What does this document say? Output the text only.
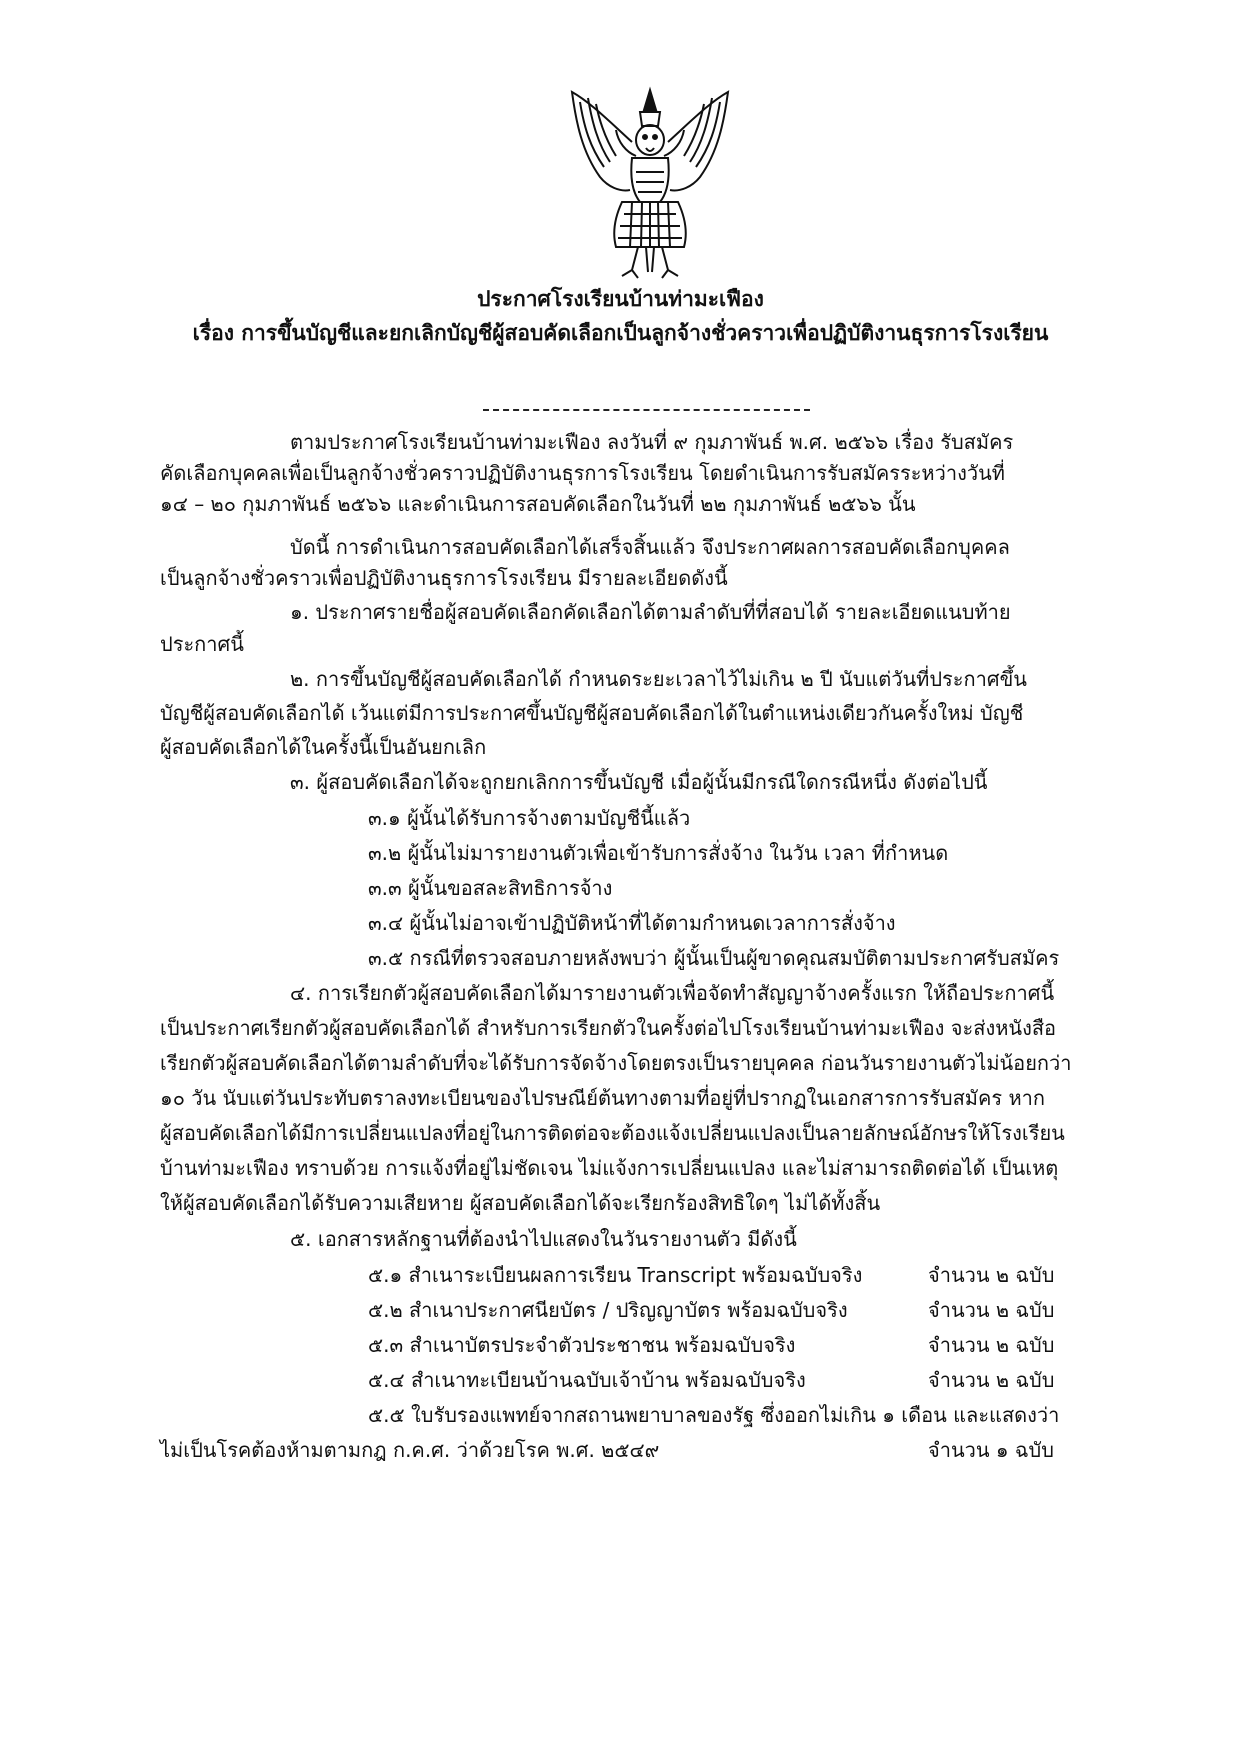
ประกาศโรงเรียนบ้านท่ามะเฟือง
เรื่อง การขึ้นบัญชีและยกเลิกบัญชีผู้สอบคัดเลือกเป็นลูกจ้างชั่วคราวเพื่อปฏิบัติงานธุรการโรงเรียน
ตามประกาศโรงเรียนบ้านท่ามะเฟือง ลงวันที่ ๙ กุมภาพันธ์ พ.ศ. ๒๕๖๖ เรื่อง รับสมัคร
คัดเลือกบุคคลเพื่อเป็นลูกจ้างชั่วคราวปฏิบัติงานธุรการโรงเรียน โดยดำเนินการรับสมัครระหว่างวันที่
๑๔ – ๒๐ กุมภาพันธ์ ๒๕๖๖ และดำเนินการสอบคัดเลือกในวันที่ ๒๒ กุมภาพันธ์ ๒๕๖๖ นั้น
บัดนี้ การดำเนินการสอบคัดเลือกได้เสร็จสิ้นแล้ว จึงประกาศผลการสอบคัดเลือกบุคคล
เป็นลูกจ้างชั่วคราวเพื่อปฏิบัติงานธุรการโรงเรียน มีรายละเอียดดังนี้
๑. ประกาศรายชื่อผู้สอบคัดเลือกคัดเลือกได้ตามลำดับที่ที่สอบได้ รายละเอียดแนบท้าย
ประกาศนี้
๒. การขึ้นบัญชีผู้สอบคัดเลือกได้ กำหนดระยะเวลาไว้ไม่เกิน ๒ ปี นับแต่วันที่ประกาศขึ้น
บัญชีผู้สอบคัดเลือกได้ เว้นแต่มีการประกาศขึ้นบัญชีผู้สอบคัดเลือกได้ในตำแหน่งเดียวกันครั้งใหม่ บัญชี
ผู้สอบคัดเลือกได้ในครั้งนี้เป็นอันยกเลิก
๓. ผู้สอบคัดเลือกได้จะถูกยกเลิกการขึ้นบัญชี เมื่อผู้นั้นมีกรณีใดกรณีหนึ่ง ดังต่อไปนี้
๓.๑ ผู้นั้นได้รับการจ้างตามบัญชีนี้แล้ว
๓.๒ ผู้นั้นไม่มารายงานตัวเพื่อเข้ารับการสั่งจ้าง ในวัน เวลา ที่กำหนด
๓.๓ ผู้นั้นขอสละสิทธิการจ้าง
๓.๔ ผู้นั้นไม่อาจเข้าปฏิบัติหน้าที่ได้ตามกำหนดเวลาการสั่งจ้าง
๓.๕ กรณีที่ตรวจสอบภายหลังพบว่า ผู้นั้นเป็นผู้ขาดคุณสมบัติตามประกาศรับสมัคร
๔. การเรียกตัวผู้สอบคัดเลือกได้มารายงานตัวเพื่อจัดทำสัญญาจ้างครั้งแรก ให้ถือประกาศนี้
เป็นประกาศเรียกตัวผู้สอบคัดเลือกได้ สำหรับการเรียกตัวในครั้งต่อไปโรงเรียนบ้านท่ามะเฟือง จะส่งหนังสือ
เรียกตัวผู้สอบคัดเลือกได้ตามลำดับที่จะได้รับการจัดจ้างโดยตรงเป็นรายบุคคล ก่อนวันรายงานตัวไม่น้อยกว่า
๑๐ วัน นับแต่วันประทับตราลงทะเบียนของไปรษณีย์ต้นทางตามที่อยู่ที่ปรากฏในเอกสารการรับสมัคร หาก
ผู้สอบคัดเลือกได้มีการเปลี่ยนแปลงที่อยู่ในการติดต่อจะต้องแจ้งเปลี่ยนแปลงเป็นลายลักษณ์อักษรให้โรงเรียน
บ้านท่ามะเฟือง ทราบด้วย การแจ้งที่อยู่ไม่ชัดเจน ไม่แจ้งการเปลี่ยนแปลง และไม่สามารถติดต่อได้ เป็นเหตุ
ให้ผู้สอบคัดเลือกได้รับความเสียหาย ผู้สอบคัดเลือกได้จะเรียกร้องสิทธิใดๆ ไม่ได้ทั้งสิ้น
๕. เอกสารหลักฐานที่ต้องนำไปแสดงในวันรายงานตัว มีดังนี้
๕.๑ สำเนาระเบียนผลการเรียน Transcript พร้อมฉบับจริง	จำนวน ๒ ฉบับ
๕.๒ สำเนาประกาศนียบัตร / ปริญญาบัตร พร้อมฉบับจริง	จำนวน ๒ ฉบับ
๕.๓ สำเนาบัตรประจำตัวประชาชน พร้อมฉบับจริง	จำนวน ๒ ฉบับ
๕.๔ สำเนาทะเบียนบ้านฉบับเจ้าบ้าน พร้อมฉบับจริง	จำนวน ๒ ฉบับ
๕.๕ ใบรับรองแพทย์จากสถานพยาบาลของรัฐ ซึ่งออกไม่เกิน ๑ เดือน และแสดงว่า
ไม่เป็นโรคต้องห้ามตามกฎ ก.ค.ศ. ว่าด้วยโรค พ.ศ. ๒๕๔๙	จำนวน ๑ ฉบับ
